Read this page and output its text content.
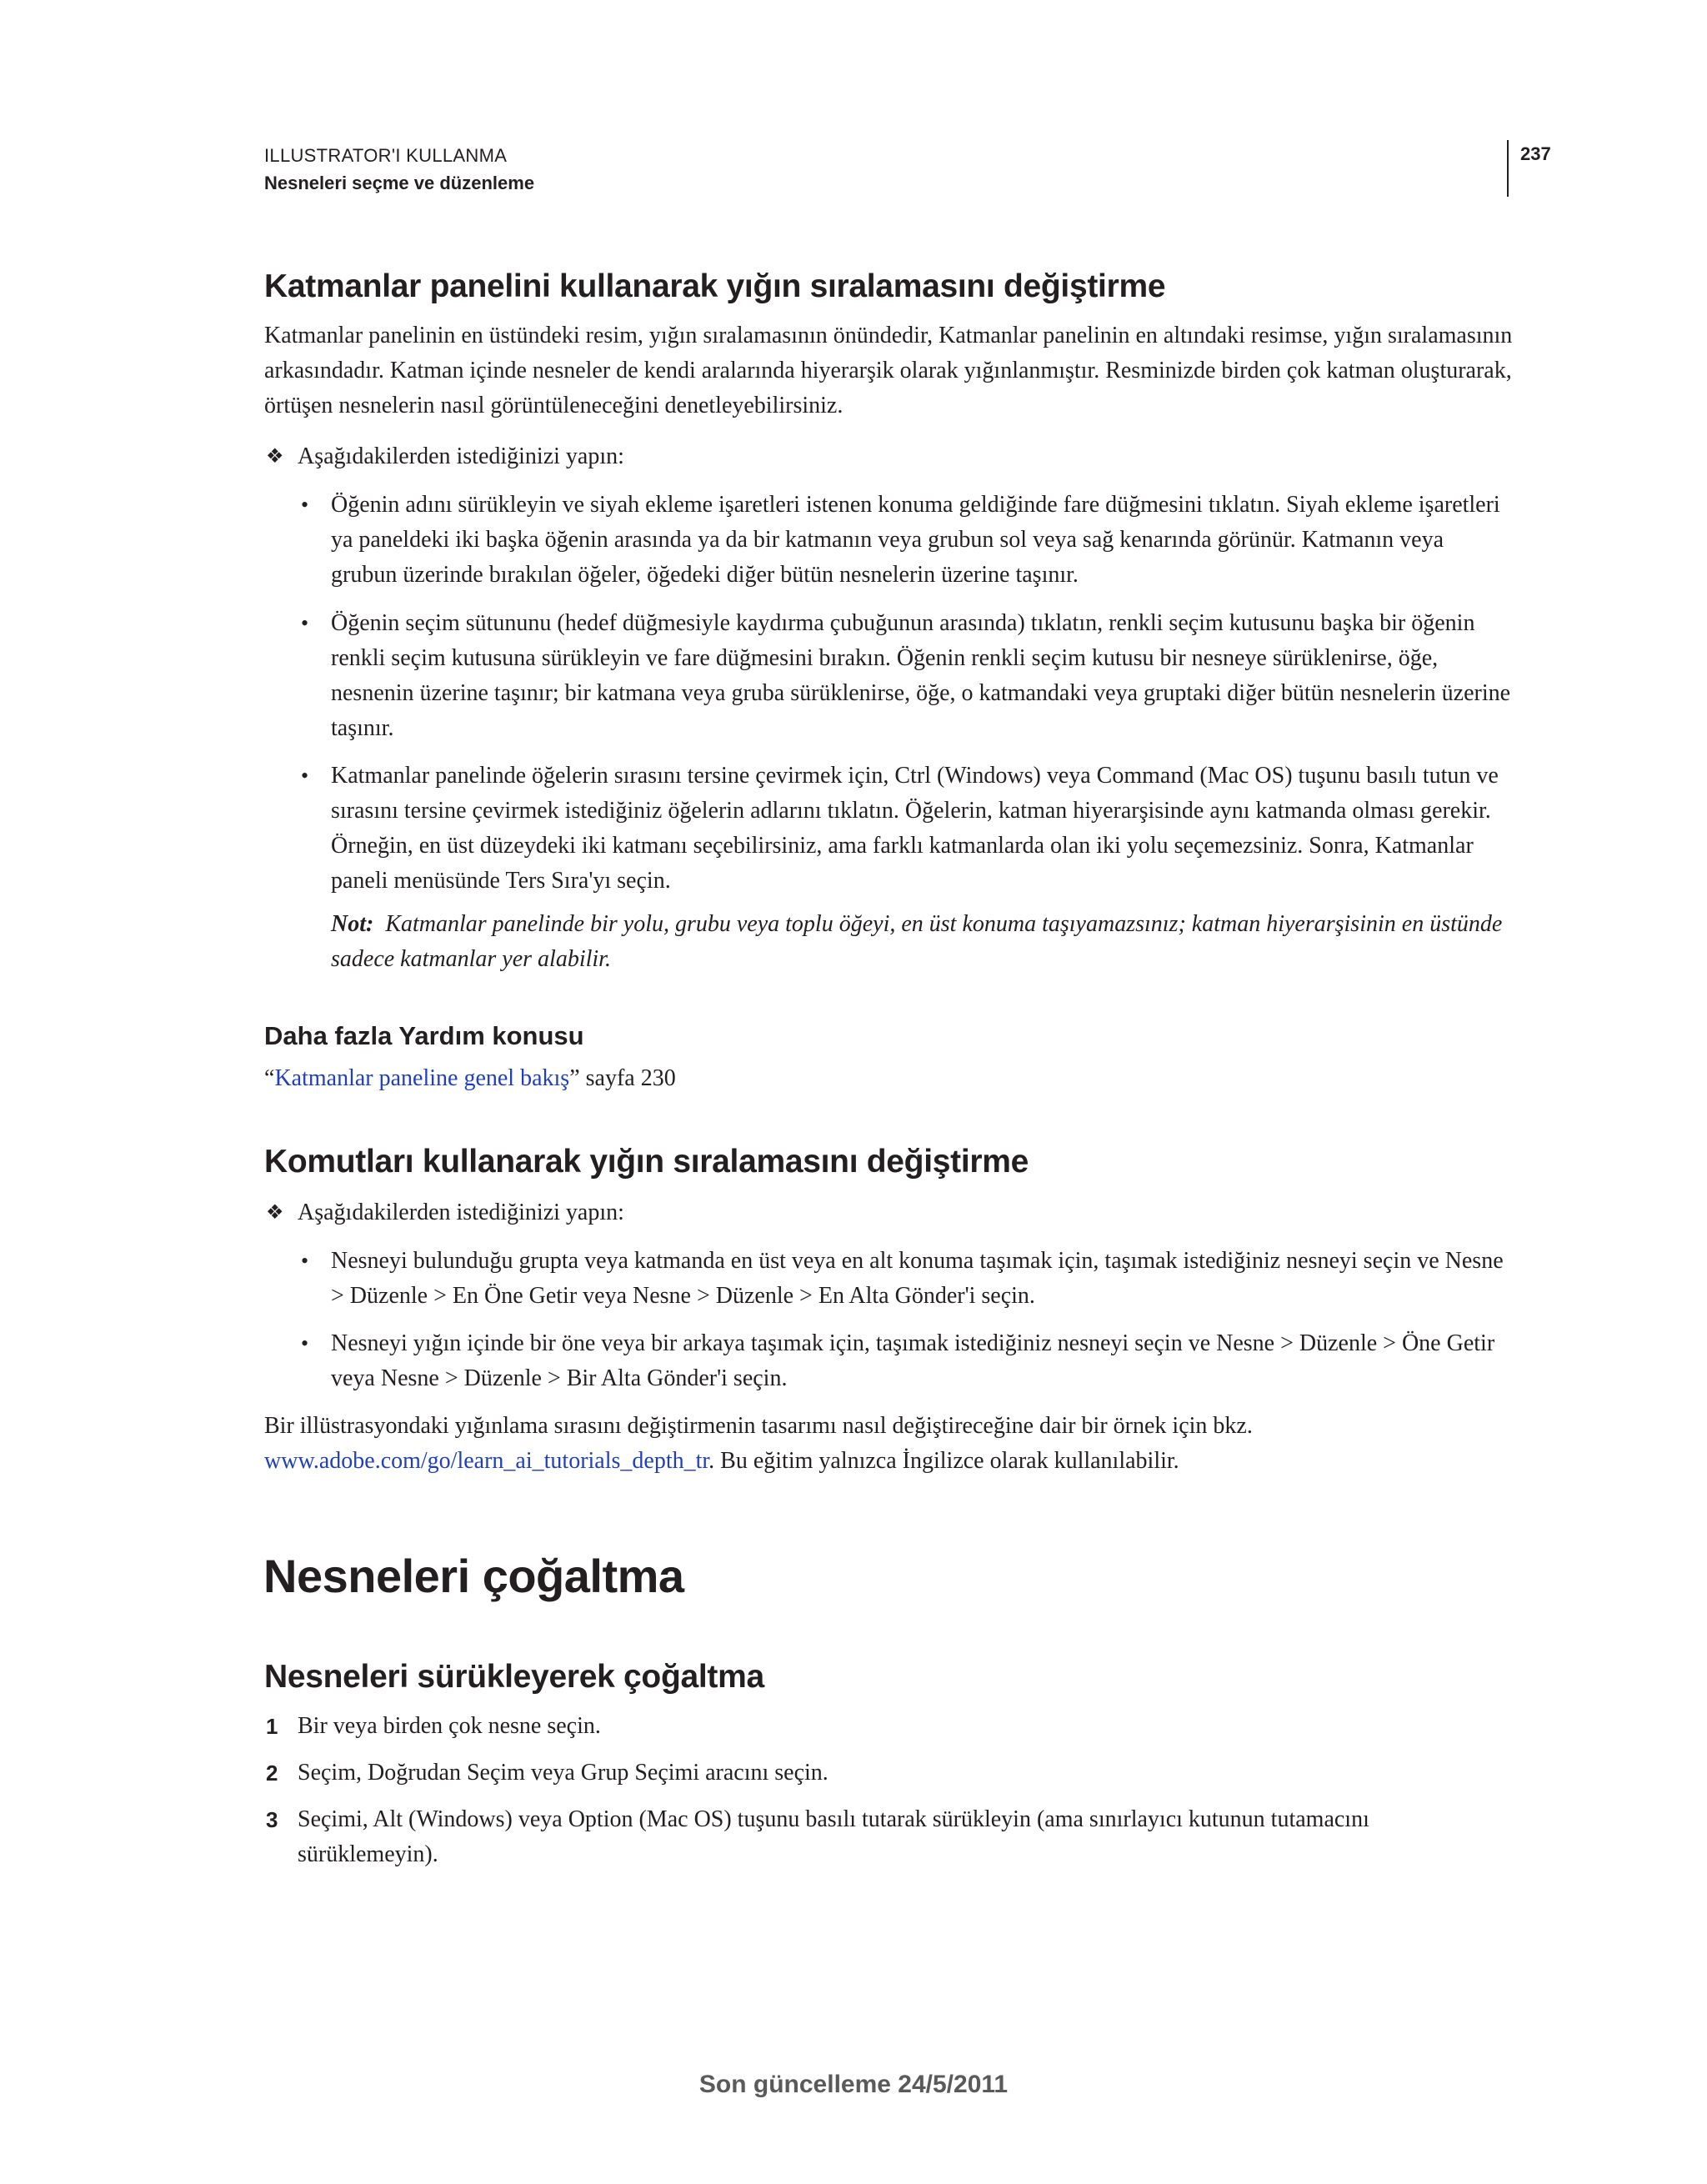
ILLUSTRATOR'I KULLANMA
Nesneleri seçme ve düzenleme
237
Katmanlar panelini kullanarak yığın sıralamasını değiştirme

Katmanlar panelinin en üstündeki resim, yığın sıralamasının önündedir, Katmanlar panelinin en altındaki resimse, yığın sıralamasının arkasındadır. Katman içinde nesneler de kendi aralarında hiyerarşik olarak yığınlanmıştır. Resminizde birden çok katman oluşturarak, örtüşen nesnelerin nasıl görüntüleneceğini denetleyebilirsiniz.

❖ Aşağıdakilerden istediğinizi yapın:
• Öğenin adını sürükleyin ve siyah ekleme işaretleri istenen konuma geldiğinde fare düğmesini tıklatın. Siyah ekleme işaretleri ya paneldeki iki başka öğenin arasında ya da bir katmanın veya grubun sol veya sağ kenarında görünür. Katmanın veya grubun üzerinde bırakılan öğeler, öğedeki diğer bütün nesnelerin üzerine taşınır.

• Öğenin seçim sütununu (hedef düğmesiyle kaydırma çubuğunun arasında) tıklatın, renkli seçim kutusunu başka bir öğenin renkli seçim kutusuna sürükleyin ve fare düğmesini bırakın. Öğenin renkli seçim kutusu bir nesneye sürüklenirse, öğe, nesnenin üzerine taşınır; bir katmana veya gruba sürüklenirse, öğe, o katmandaki veya gruptaki diğer bütün nesnelerin üzerine taşınır.

• Katmanlar panelinde öğelerin sırasını tersine çevirmek için, Ctrl (Windows) veya Command (Mac OS) tuşunu basılı tutun ve sırasını tersine çevirmek istediğiniz öğelerin adlarını tıklatın. Öğelerin, katman hiyerarşisinde aynı katmanda olması gerekir. Örneğin, en üst düzeydeki iki katmanı seçebilirsiniz, ama farklı katmanlarda olan iki yolu seçemezsiniz. Sonra, Katmanlar paneli menüsünde Ters Sıra'yı seçin.

Not: Katmanlar panelinde bir yolu, grubu veya toplu öğeyi, en üst konuma taşıyamazsınız; katman hiyerarşisinin en üstünde sadece katmanlar yer alabilir.

Daha fazla Yardım konusu
“Katmanlar paneline genel bakış” sayfa 230
Komutları kullanarak yığın sıralamasını değiştirme
❖ Aşağıdakilerden istediğinizi yapın:
• Nesneyi bulunduğu grupta veya katmanda en üst veya en alt konuma taşımak için, taşımak istediğiniz nesneyi seçin ve Nesne > Düzenle > En Öne Getir veya Nesne > Düzenle > En Alta Gönder'i seçin.

• Nesneyi yığın içinde bir öne veya bir arkaya taşımak için, taşımak istediğiniz nesneyi seçin ve Nesne > Düzenle > Öne Getir veya Nesne > Düzenle > Bir Alta Gönder'i seçin.

Bir illüstrasyondaki yığınlama sırasını değiştirmenin tasarımı nasıl değiştireceğine dair bir örnek için bkz.
www.adobe.com/go/learn_ai_tutorials_depth_tr. Bu eğitim yalnızca İngilizce olarak kullanılabilir.

Nesneleri çoğaltma
Nesneleri sürükleyerek çoğaltma
1 Bir veya birden çok nesne seçin.

2 Seçim, Doğrudan Seçim veya Grup Seçimi aracını seçin.

3 Seçimi, Alt (Windows) veya Option (Mac OS) tuşunu basılı tutarak sürükleyin (ama sınırlayıcı kutunun tutamacını sürüklemeyin).

Son güncelleme 24/5/2011
